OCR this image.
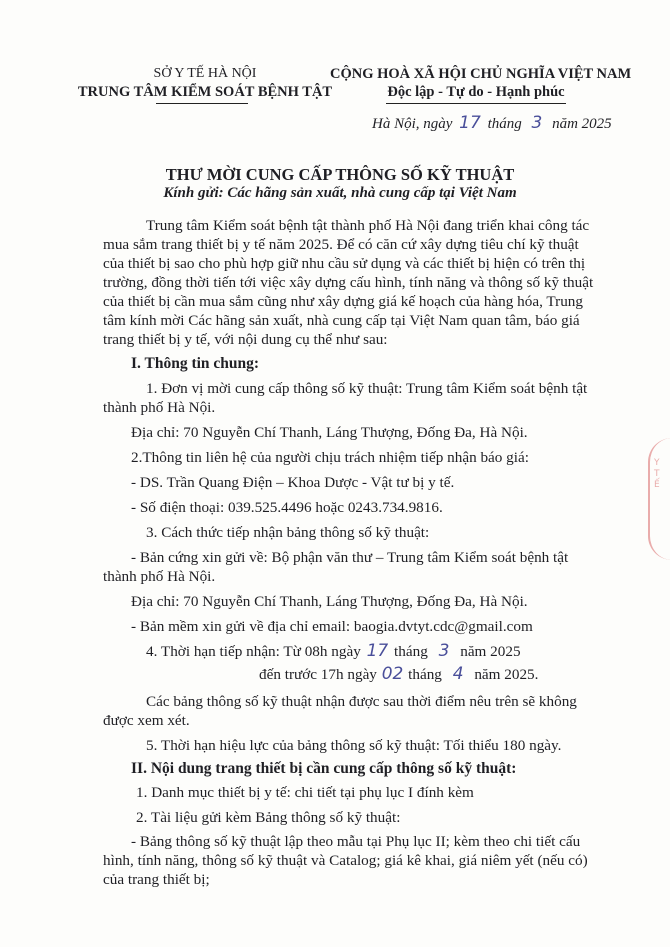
SỞ Y TẾ HÀ NỘI
TRUNG TÂM KIỂM SOÁT BỆNH TẬT
CỘNG HOÀ XÃ HỘI CHỦ NGHĨA VIỆT NAM
Độc lập - Tự do - Hạnh phúc
Hà Nội, ngày 17 tháng 3 năm 2025
THƯ MỜI CUNG CẤP THÔNG SỐ KỸ THUẬT
Kính gửi: Các hãng sản xuất, nhà cung cấp tại Việt Nam
Trung tâm Kiểm soát bệnh tật thành phố Hà Nội đang triển khai công tác
mua sắm trang thiết bị y tế năm 2025. Để có căn cứ xây dựng tiêu chí kỹ thuật
của thiết bị sao cho phù hợp giữ nhu cầu sử dụng và các thiết bị hiện có trên thị
trường, đồng thời tiến tới việc xây dựng cấu hình, tính năng và thông số kỹ thuật
của thiết bị cần mua sắm cũng như xây dựng giá kế hoạch của hàng hóa, Trung
tâm kính mời Các hãng sản xuất, nhà cung cấp tại Việt Nam quan tâm, báo giá
trang thiết bị y tế, với nội dung cụ thể như sau:
I. Thông tin chung:
1. Đơn vị mời cung cấp thông số kỹ thuật: Trung tâm Kiểm soát bệnh tật
thành phố Hà Nội.
Địa chỉ: 70 Nguyễn Chí Thanh, Láng Thượng, Đống Đa, Hà Nội.
2.Thông tin liên hệ của người chịu trách nhiệm tiếp nhận báo giá:
- DS. Trần Quang Điện – Khoa Dược - Vật tư bị y tế.
- Số điện thoại: 039.525.4496 hoặc 0243.734.9816.
3. Cách thức tiếp nhận bảng thông số kỹ thuật:
- Bản cứng xin gửi về: Bộ phận văn thư – Trung tâm Kiểm soát bệnh tật
thành phố Hà Nội.
Địa chỉ: 70 Nguyễn Chí Thanh, Láng Thượng, Đống Đa, Hà Nội.
- Bản mềm xin gửi về địa chỉ email: baogia.dvtyt.cdc@gmail.com
4. Thời hạn tiếp nhận: Từ 08h ngày 17 tháng 3 năm 2025
đến trước 17h ngày 02 tháng 4 năm 2025.
Các bảng thông số kỹ thuật nhận được sau thời điểm nêu trên sẽ không
được xem xét.
5. Thời hạn hiệu lực của bảng thông số kỹ thuật: Tối thiểu 180 ngày.
II. Nội dung trang thiết bị cần cung cấp thông số kỹ thuật:
1. Danh mục thiết bị y tế: chi tiết tại phụ lục I đính kèm
2. Tài liệu gửi kèm Bảng thông số kỹ thuật:
- Bảng thông số kỹ thuật lập theo mẫu tại Phụ lục II; kèm theo chi tiết cấu
hình, tính năng, thông số kỹ thuật và Catalog; giá kê khai, giá niêm yết (nếu có)
của trang thiết bị;
Y TẾ
